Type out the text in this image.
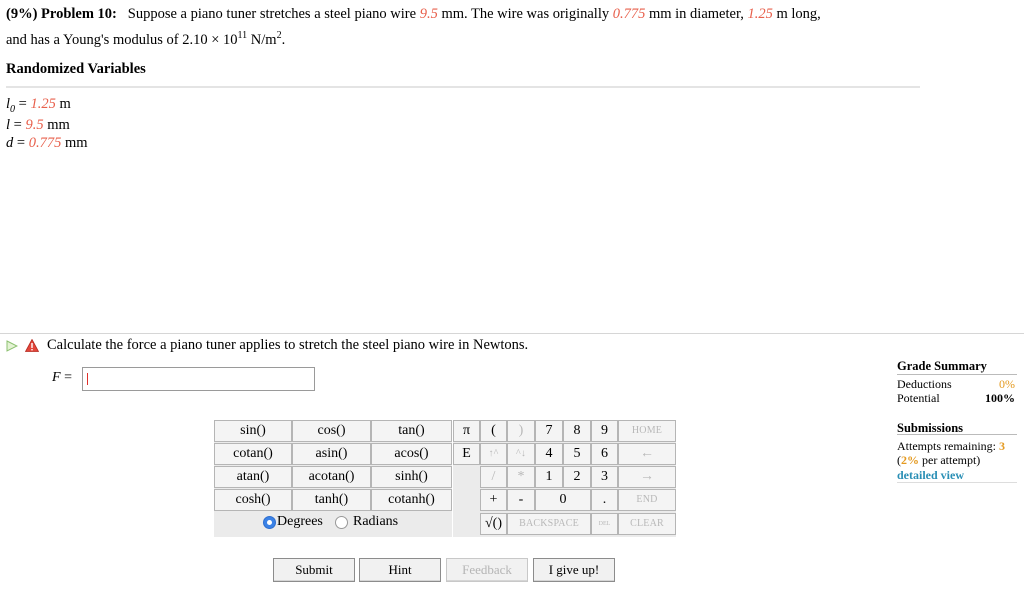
(9%) Problem 10: Suppose a piano tuner stretches a steel piano wire 9.5 mm. The wire was originally 0.775 mm in diameter, 1.25 m long,
and has a Young's modulus of $2.10 \times 10^{11}$ $N/m^2$.
Randomized Variables
$l_0 = 1.25$ m
l = 9.5 mm
d = 0.775 mm
Calculate the force a piano tuner applies to stretch the steel piano wire in Newtons.
F =
sin()	cos()	tan()
cotan()	asin()	acos()
atan()	acotan()	sinh()
cosh()	tanh()	cotanh()
Degrees Radians
π	(	)	7	8	9	HOME
E	↑^	^↓	4	5	6	←
/	*	1	2	3	→
+	-	0	.	END
√()	BACKSPACE	DEL	CLEAR
Submit	Hint	Feedback	I give up!
Grade Summary
Deductions	0%
Potential	100%
Submissions
Attempts remaining: 3
(2% per attempt)
detailed view
